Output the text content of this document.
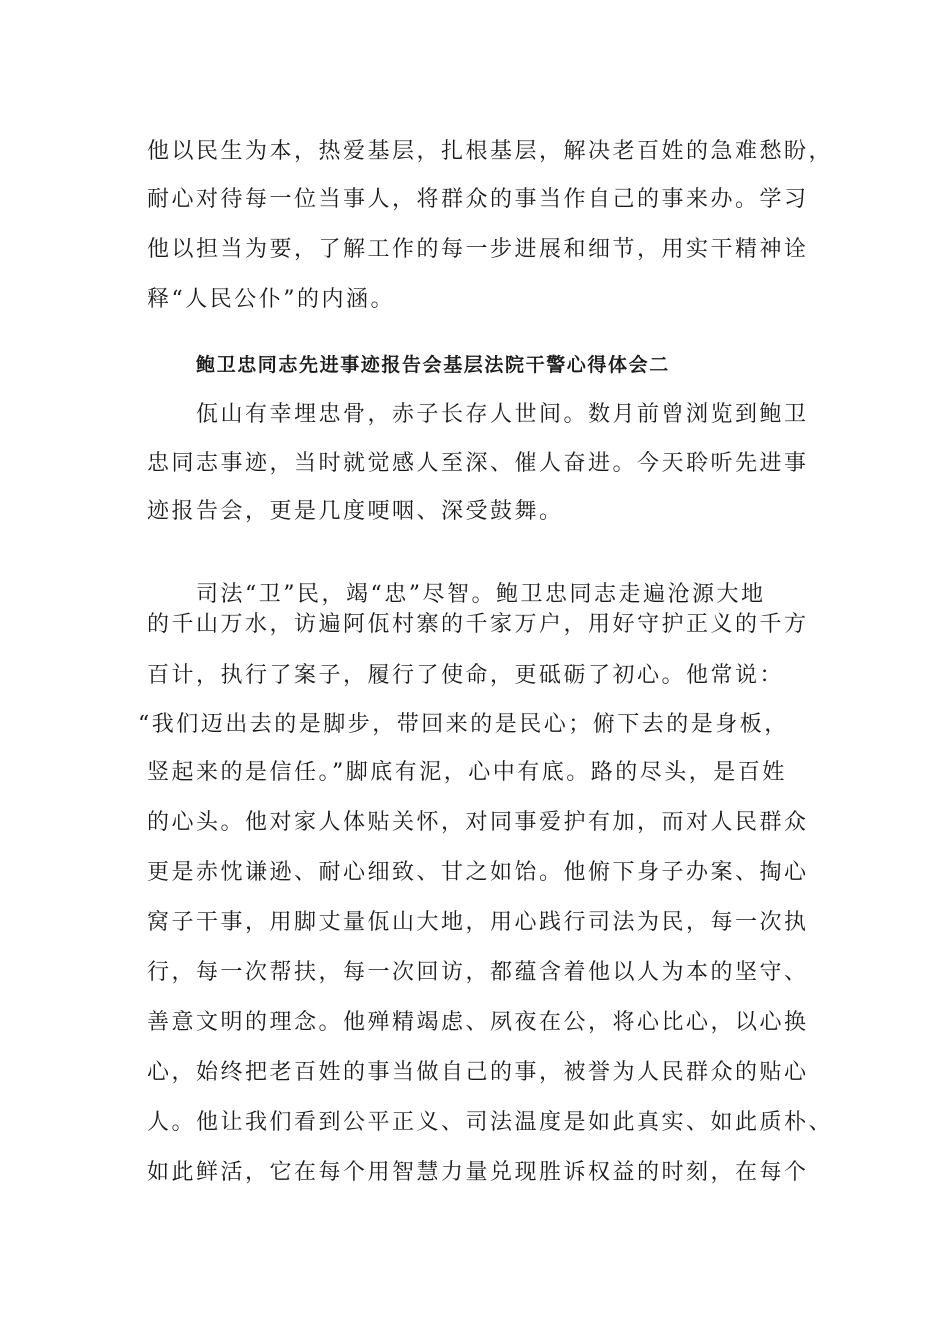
他以民生为本，热爱基层，扎根基层，解决老百姓的急难愁盼，
耐心对待每一位当事人，将群众的事当作自己的事来办。学习
他以担当为要，了解工作的每一步进展和细节，用实干精神诠
释“人民公仆”的内涵。
鲍卫忠同志先进事迹报告会基层法院干警心得体会二
佤山有幸埋忠骨，赤子长存人世间。数月前曾浏览到鲍卫
忠同志事迹，当时就觉感人至深、催人奋进。今天聆听先进事
迹报告会，更是几度哽咽、深受鼓舞。
司法“卫”民，竭“忠”尽智。鲍卫忠同志走遍沧源大地
的千山万水，访遍阿佤村寨的千家万户，用好守护正义的千方
百计，执行了案子，履行了使命，更砥砺了初心。他常说：
“我们迈出去的是脚步，带回来的是民心；俯下去的是身板，
竖起来的是信任。”脚底有泥，心中有底。路的尽头，是百姓
的心头。他对家人体贴关怀，对同事爱护有加，而对人民群众
更是赤忱谦逊、耐心细致、甘之如饴。他俯下身子办案、掏心
窝子干事，用脚丈量佤山大地，用心践行司法为民，每一次执
行，每一次帮扶，每一次回访，都蕴含着他以人为本的坚守、
善意文明的理念。他殚精竭虑、夙夜在公，将心比心，以心换
心，始终把老百姓的事当做自己的事，被誉为人民群众的贴心
人。他让我们看到公平正义、司法温度是如此真实、如此质朴、
如此鲜活，它在每个用智慧力量兑现胜诉权益的时刻，在每个
